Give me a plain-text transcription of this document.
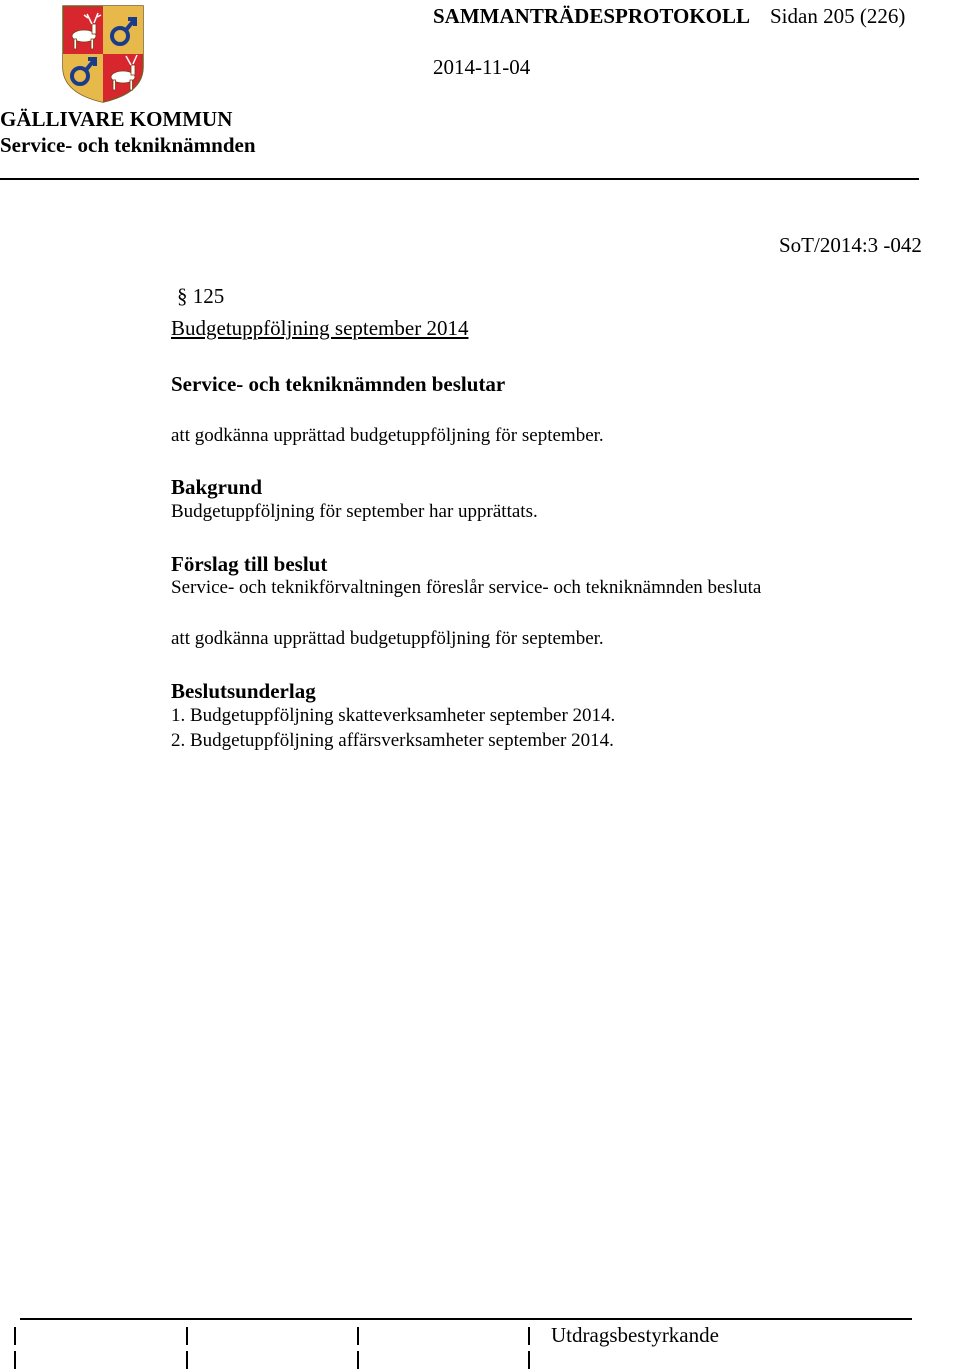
SAMMANTRÄDESPROTOKOLL Sidan 205 (226)
2014-11-04
GÄLLIVARE KOMMUN
Service- och tekniknämnden
SoT/2014:3 -042
§ 125
Budgetuppföljning september 2014
Service- och tekniknämnden beslutar
att godkänna upprättad budgetuppföljning för september.
Bakgrund
Budgetuppföljning för september har upprättats.
Förslag till beslut
Service- och teknikförvaltningen föreslår service- och tekniknämnden besluta
att godkänna upprättad budgetuppföljning för september.
Beslutsunderlag
1. Budgetuppföljning skatteverksamheter september 2014.
2. Budgetuppföljning affärsverksamheter september 2014.
Utdragsbestyrkande
